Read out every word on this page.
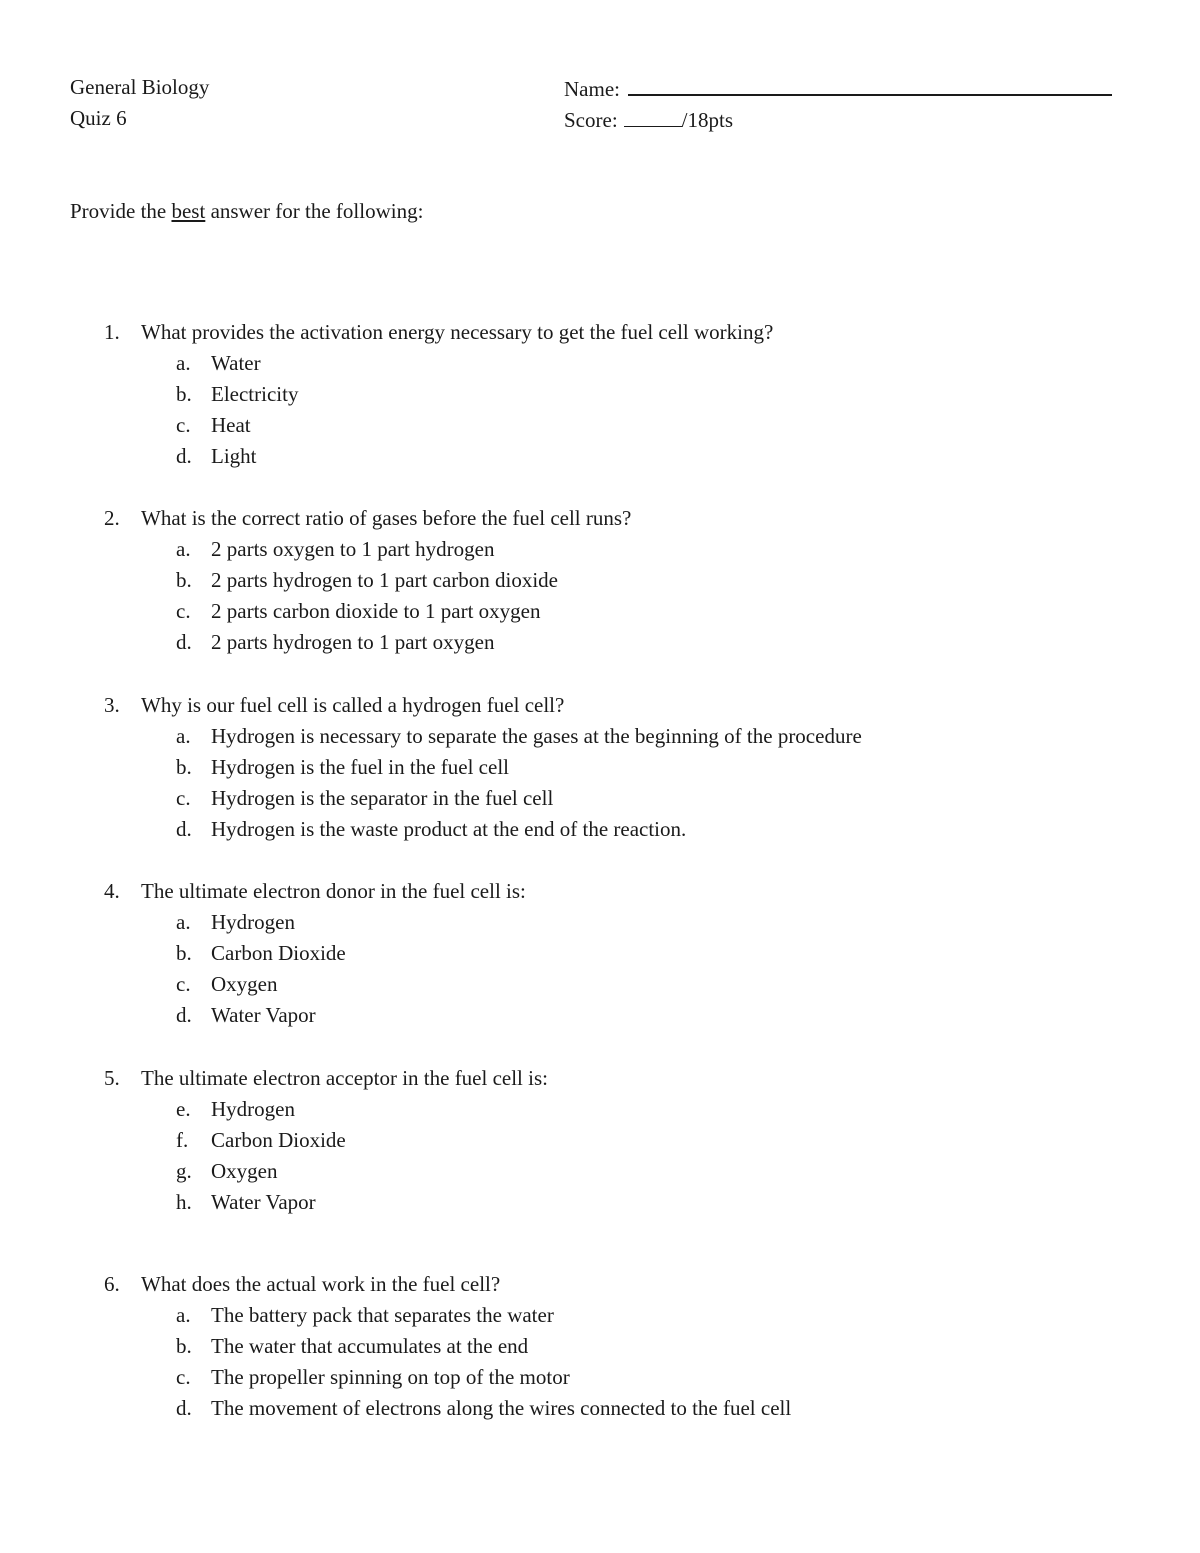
General Biology
Quiz 6
Name:
Score:	/18pts
Provide the best answer for the following:
1. What provides the activation energy necessary to get the fuel cell working?
a. Water
b. Electricity
c. Heat
d. Light
2. What is the correct ratio of gases before the fuel cell runs?
a. 2 parts oxygen to 1 part hydrogen
b. 2 parts hydrogen to 1 part carbon dioxide
c. 2 parts carbon dioxide to 1 part oxygen
d. 2 parts hydrogen to 1 part oxygen
3. Why is our fuel cell is called a hydrogen fuel cell?
a. Hydrogen is necessary to separate the gases at the beginning of the procedure
b. Hydrogen is the fuel in the fuel cell
c. Hydrogen is the separator in the fuel cell
d. Hydrogen is the waste product at the end of the reaction.
4. The ultimate electron donor in the fuel cell is:
a. Hydrogen
b. Carbon Dioxide
c. Oxygen
d. Water Vapor
5. The ultimate electron acceptor in the fuel cell is:
e. Hydrogen
f. Carbon Dioxide
g. Oxygen
h. Water Vapor
6. What does the actual work in the fuel cell?
a. The battery pack that separates the water
b. The water that accumulates at the end
c. The propeller spinning on top of the motor
d. The movement of electrons along the wires connected to the fuel cell
